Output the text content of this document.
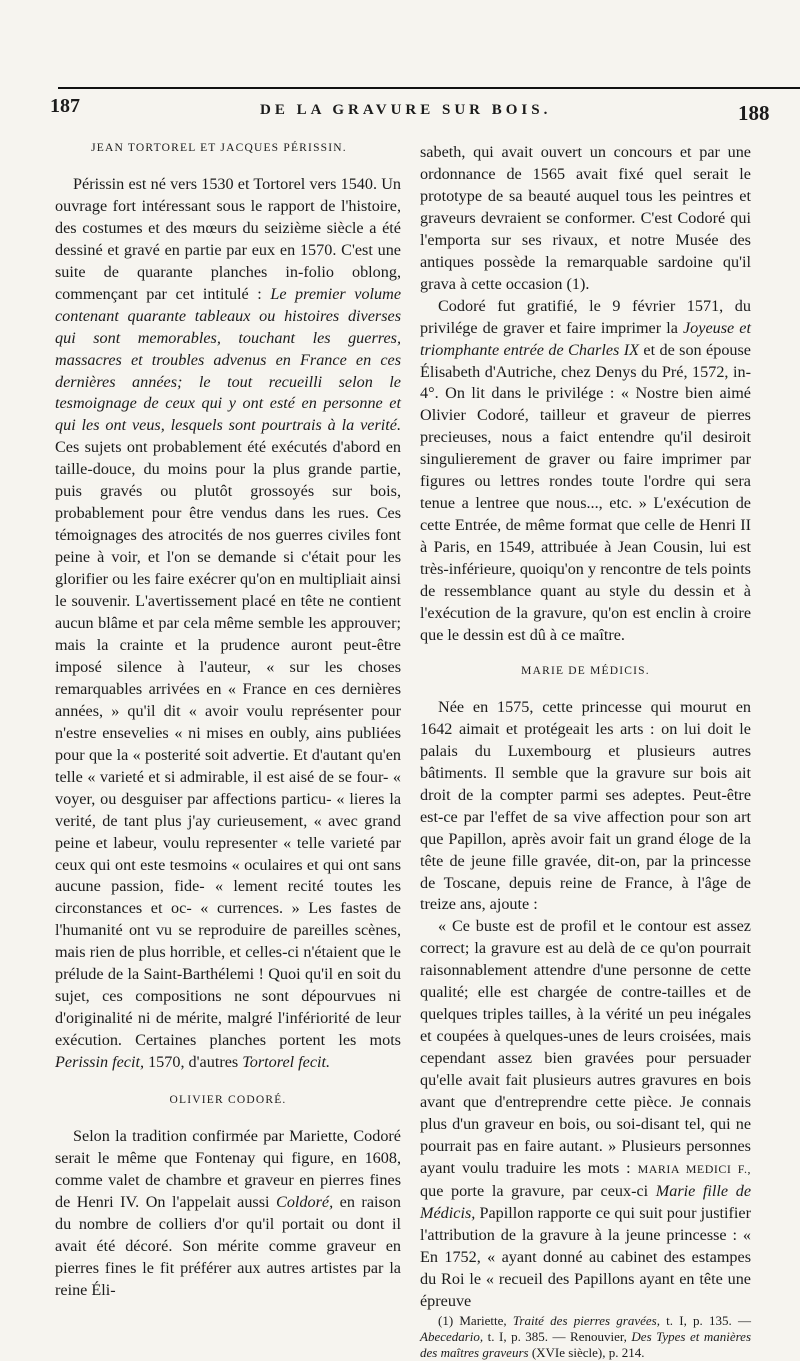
187	DE LA GRAVURE SUR BOIS.	188
JEAN TORTOREL ET JACQUES PÉRISSIN.

Périssin est né vers 1530 et Tortorel vers 1540. Un ouvrage fort intéressant sous le rapport de l'histoire, des costumes et des mœurs du seizième siècle a été dessiné et gravé en partie par eux en 1570. C'est une suite de quarante planches in-folio oblong, commençant par cet intitulé : Le premier volume contenant quarante tableaux ou histoires diverses qui sont memorables, touchant les guerres, massacres et troubles advenus en France en ces dernières années; le tout recueilli selon le tesmoignage de ceux qui y ont esté en personne et qui les ont veus, lesquels sont pourtrais à la verité. Ces sujets ont probablement été exécutés d'abord en taille-douce, du moins pour la plus grande partie, puis gravés ou plutôt grossoyés sur bois, probablement pour être vendus dans les rues. Ces témoignages des atrocités de nos guerres civiles font peine à voir, et l'on se demande si c'était pour les glorifier ou les faire exécrer qu'on en multipliait ainsi le souvenir. L'avertissement placé en tête ne contient aucun blâme et par cela même semble les approuver; mais la crainte et la prudence auront peut-être imposé silence à l'auteur, « sur les choses remarquables arrivées en « France en ces dernières années, » qu'il dit « avoir voulu représenter pour n'estre ensevelies « ni mises en oubly, ains publiées pour que la « posterité soit advertie. Et d'autant qu'en telle « varieté et si admirable, il est aisé de se four- « voyer, ou desguiser par affections particu- « lieres la verité, de tant plus j'ay curieusement, « avec grand peine et labeur, voulu representer « telle varieté par ceux qui ont este tesmoins « oculaires et qui ont sans aucune passion, fide- « lement recité toutes les circonstances et oc- « currences. » Les fastes de l'humanité ont vu se reproduire de pareilles scènes, mais rien de plus horrible, et celles-ci n'étaient que le prélude de la Saint-Barthélemi ! Quoi qu'il en soit du sujet, ces compositions ne sont dépourvues ni d'originalité ni de mérite, malgré l'infériorité de leur exécution. Certaines planches portent les mots Perissin fecit, 1570, d'autres Tortorel fecit.

OLIVIER CODORÉ.

Selon la tradition confirmée par Mariette, Codoré serait le même que Fontenay qui figure, en 1608, comme valet de chambre et graveur en pierres fines de Henri IV. On l'appelait aussi Coldoré, en raison du nombre de colliers d'or qu'il portait ou dont il avait été décoré. Son mérite comme graveur en pierres fines le fit préférer aux autres artistes par la reine Éli-

sabeth, qui avait ouvert un concours et par une ordonnance de 1565 avait fixé quel serait le prototype de sa beauté auquel tous les peintres et graveurs devraient se conformer. C'est Codoré qui l'emporta sur ses rivaux, et notre Musée des antiques possède la remarquable sardoine qu'il grava à cette occasion (1).

Codoré fut gratifié, le 9 février 1571, du privilége de graver et faire imprimer la Joyeuse et triomphante entrée de Charles IX et de son épouse Élisabeth d'Autriche, chez Denys du Pré, 1572, in-4°. On lit dans le privilége : « Nostre bien aimé Olivier Codoré, tailleur et graveur de pierres precieuses, nous a faict entendre qu'il desiroit singulierement de graver ou faire imprimer par figures ou lettres rondes toute l'ordre qui sera tenue a lentree que nous..., etc. » L'exécution de cette Entrée, de même format que celle de Henri II à Paris, en 1549, attribuée à Jean Cousin, lui est très-inférieure, quoiqu'on y rencontre de tels points de ressemblance quant au style du dessin et à l'exécution de la gravure, qu'on est enclin à croire que le dessin est dû à ce maître.

MARIE DE MÉDICIS.

Née en 1575, cette princesse qui mourut en 1642 aimait et protégeait les arts : on lui doit le palais du Luxembourg et plusieurs autres bâtiments. Il semble que la gravure sur bois ait droit de la compter parmi ses adeptes. Peut-être est-ce par l'effet de sa vive affection pour son art que Papillon, après avoir fait un grand éloge de la tête de jeune fille gravée, dit-on, par la princesse de Toscane, depuis reine de France, à l'âge de treize ans, ajoute :

« Ce buste est de profil et le contour est assez correct; la gravure est au delà de ce qu'on pourrait raisonnablement attendre d'une personne de cette qualité; elle est chargée de contre-tailles et de quelques triples tailles, à la vérité un peu inégales et coupées à quelques-unes de leurs croisées, mais cependant assez bien gravées pour persuader qu'elle avait fait plusieurs autres gravures en bois avant que d'entreprendre cette pièce. Je connais plus d'un graveur en bois, ou soi-disant tel, qui ne pourrait pas en faire autant. » Plusieurs personnes ayant voulu traduire les mots : MARIA MEDICI F., que porte la gravure, par ceux-ci Marie fille de Médicis, Papillon rapporte ce qui suit pour justifier l'attribution de la gravure à la jeune princesse : « En 1752, « ayant donné au cabinet des estampes du Roi le « recueil des Papillons ayant en tête une épreuve

(1) Mariette, Traité des pierres gravées, t. I, p. 135. — Abecedario, t. I, p. 385. — Renouvier, Des Types et manières des maîtres graveurs (XVIe siècle), p. 214.
